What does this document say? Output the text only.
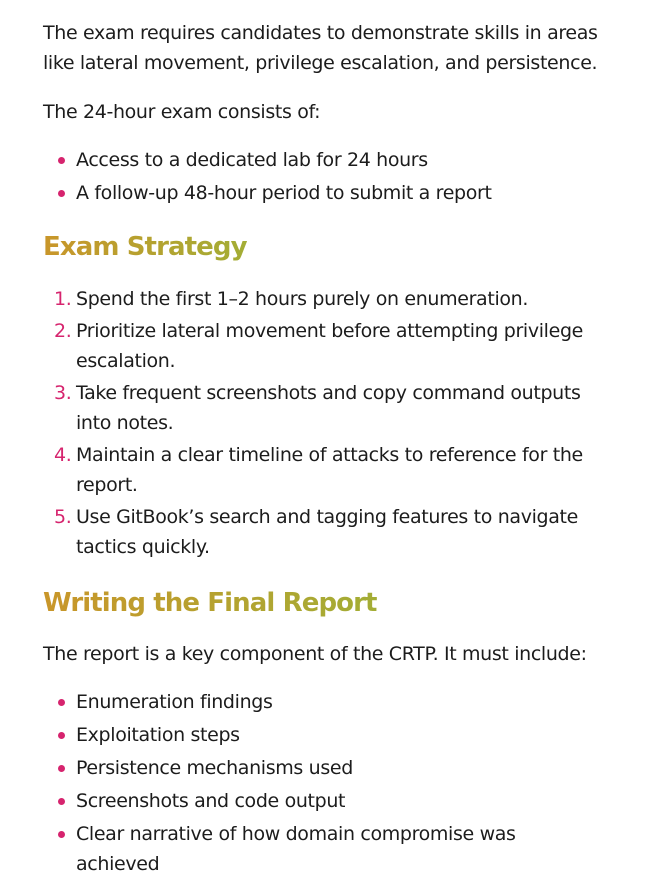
The exam requires candidates to demonstrate skills in areas like lateral movement, privilege escalation, and persistence.

The 24-hour exam consists of:

Access to a dedicated lab for 24 hours
A follow-up 48-hour period to submit a report
Exam Strategy
1. Spend the first 1–2 hours purely on enumeration.
2. Prioritize lateral movement before attempting privilege escalation.
3. Take frequent screenshots and copy command outputs into notes.
4. Maintain a clear timeline of attacks to reference for the report.
5. Use GitBook’s search and tagging features to navigate tactics quickly.
Writing the Final Report

The report is a key component of the CRTP. It must include:

Enumeration findings
Exploitation steps
Persistence mechanisms used
Screenshots and code output
Clear narrative of how domain compromise was achieved
